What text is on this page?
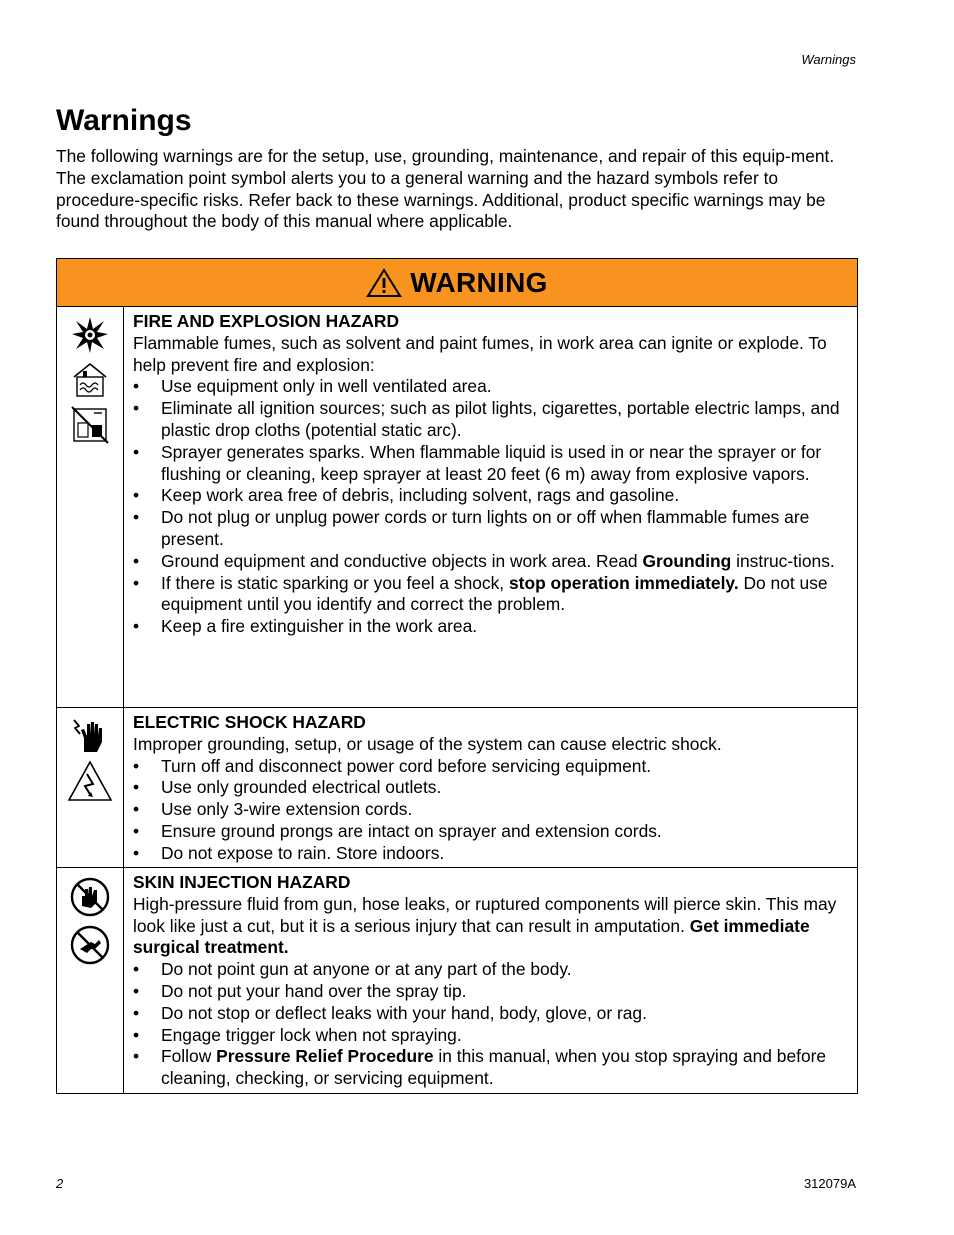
Warnings
Warnings

The following warnings are for the setup, use, grounding, maintenance, and repair of this equip-ment. The exclamation point symbol alerts you to a general warning and the hazard symbols refer to procedure-specific risks. Refer back to these warnings. Additional, product specific warnings may be found throughout the body of this manual where applicable.

WARNING
FIRE AND EXPLOSION HAZARD
Flammable fumes, such as solvent and paint fumes, in work area can ignite or explode. To help prevent fire and explosion:
• Use equipment only in well ventilated area.
• Eliminate all ignition sources; such as pilot lights, cigarettes, portable electric lamps, and plastic drop cloths (potential static arc).
• Sprayer generates sparks. When flammable liquid is used in or near the sprayer or for flushing or cleaning, keep sprayer at least 20 feet (6 m) away from explosive vapors.
• Keep work area free of debris, including solvent, rags and gasoline.
• Do not plug or unplug power cords or turn lights on or off when flammable fumes are present.
• Ground equipment and conductive objects in work area. Read Grounding instruc-tions.
• If there is static sparking or you feel a shock, stop operation immediately. Do not use equipment until you identify and correct the problem.
• Keep a fire extinguisher in the work area.
ELECTRIC SHOCK HAZARD
Improper grounding, setup, or usage of the system can cause electric shock.
• Turn off and disconnect power cord before servicing equipment.
• Use only grounded electrical outlets.
• Use only 3-wire extension cords.
• Ensure ground prongs are intact on sprayer and extension cords.
• Do not expose to rain. Store indoors.
SKIN INJECTION HAZARD
High-pressure fluid from gun, hose leaks, or ruptured components will pierce skin. This may look like just a cut, but it is a serious injury that can result in amputation. Get immediate surgical treatment.
• Do not point gun at anyone or at any part of the body.
• Do not put your hand over the spray tip.
• Do not stop or deflect leaks with your hand, body, glove, or rag.
• Engage trigger lock when not spraying.
• Follow Pressure Relief Procedure in this manual, when you stop spraying and before cleaning, checking, or servicing equipment.
2	312079A
